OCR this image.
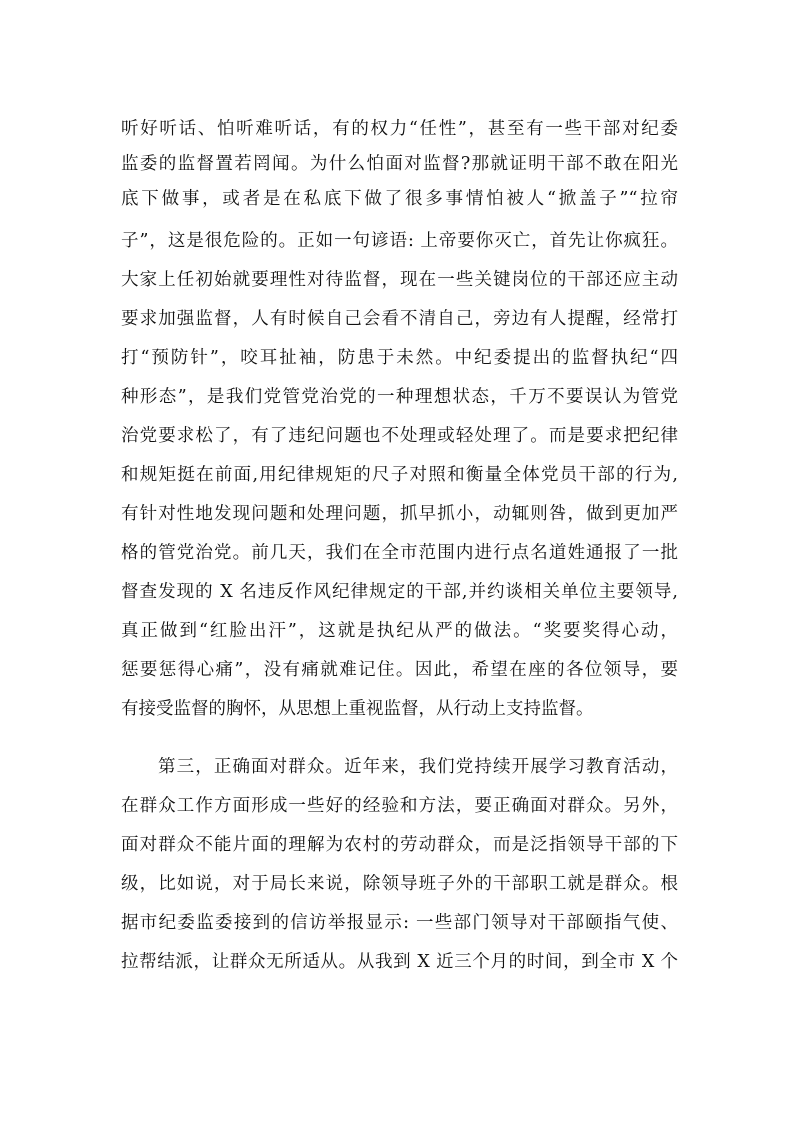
听好听话、怕听难听话，有的权力“任性”，甚至有一些干部对纪委
监委的监督置若罔闻。为什么怕面对监督?那就证明干部不敢在阳光
底下做事，或者是在私底下做了很多事情怕被人“掀盖子”“拉帘
子”，这是很危险的。正如一句谚语: 上帝要你灭亡，首先让你疯狂。
大家上任初始就要理性对待监督，现在一些关键岗位的干部还应主动
要求加强监督，人有时候自己会看不清自己，旁边有人提醒，经常打
打“预防针”，咬耳扯袖，防患于未然。中纪委提出的监督执纪“四
种形态”，是我们党管党治党的一种理想状态，千万不要误认为管党
治党要求松了，有了违纪问题也不处理或轻处理了。而是要求把纪律
和规矩挺在前面,用纪律规矩的尺子对照和衡量全体党员干部的行为,
有针对性地发现问题和处理问题，抓早抓小，动辄则咎，做到更加严
格的管党治党。前几天，我们在全市范围内进行点名道姓通报了一批
督查发现的 X 名违反作风纪律规定的干部,并约谈相关单位主要领导,
真正做到“红脸出汗”，这就是执纪从严的做法。“奖要奖得心动，
惩要惩得心痛”，没有痛就难记住。因此，希望在座的各位领导，要
有接受监督的胸怀，从思想上重视监督，从行动上支持监督。
第三，正确面对群众。近年来，我们党持续开展学习教育活动，
在群众工作方面形成一些好的经验和方法，要正确面对群众。另外，
面对群众不能片面的理解为农村的劳动群众，而是泛指领导干部的下
级，比如说，对于局长来说，除领导班子外的干部职工就是群众。根
据市纪委监委接到的信访举报显示: 一些部门领导对干部颐指气使、
拉帮结派，让群众无所适从。从我到 X 近三个月的时间，到全市 X 个
